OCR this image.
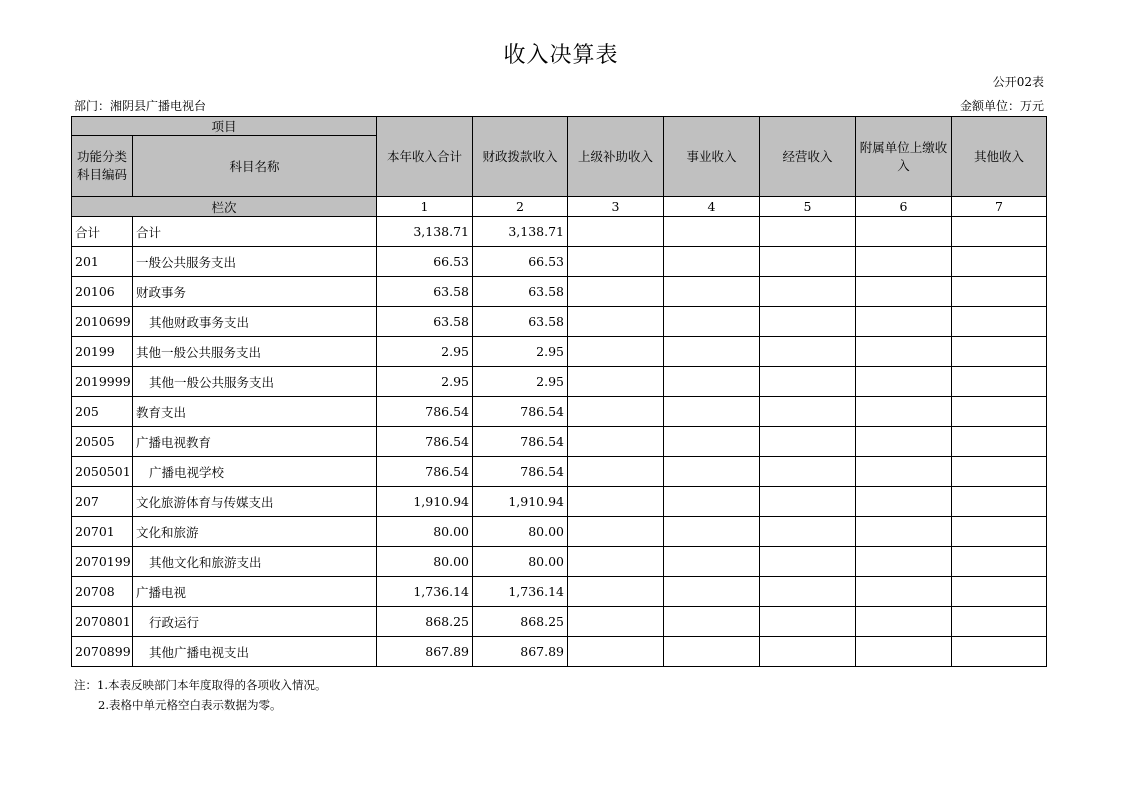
收入决算表
公开02表
部门：湘阴县广播电视台	金额单位：万元
项目		本年收入合计	财政拨款收入	上级补助收入	事业收入	经营收入	附属单位上缴收入	其他收入
功能分类科目编码	科目名称							
栏次		1	2	3	4	5	6	7
合计	合计	3,138.71	3,138.71					
201	一般公共服务支出	66.53	66.53					
20106	财政事务	63.58	63.58					
2010699	其他财政事务支出	63.58	63.58					
20199	其他一般公共服务支出	2.95	2.95					
2019999	其他一般公共服务支出	2.95	2.95					
205	教育支出	786.54	786.54					
20505	广播电视教育	786.54	786.54					
2050501	广播电视学校	786.54	786.54					
207	文化旅游体育与传媒支出	1,910.94	1,910.94					
20701	文化和旅游	80.00	80.00					
2070199	其他文化和旅游支出	80.00	80.00					
20708	广播电视	1,736.14	1,736.14					
2070801	行政运行	868.25	868.25					
2070899	其他广播电视支出	867.89	867.89					
注：1.本表反映部门本年度取得的各项收入情况。
2.表格中单元格空白表示数据为零。
